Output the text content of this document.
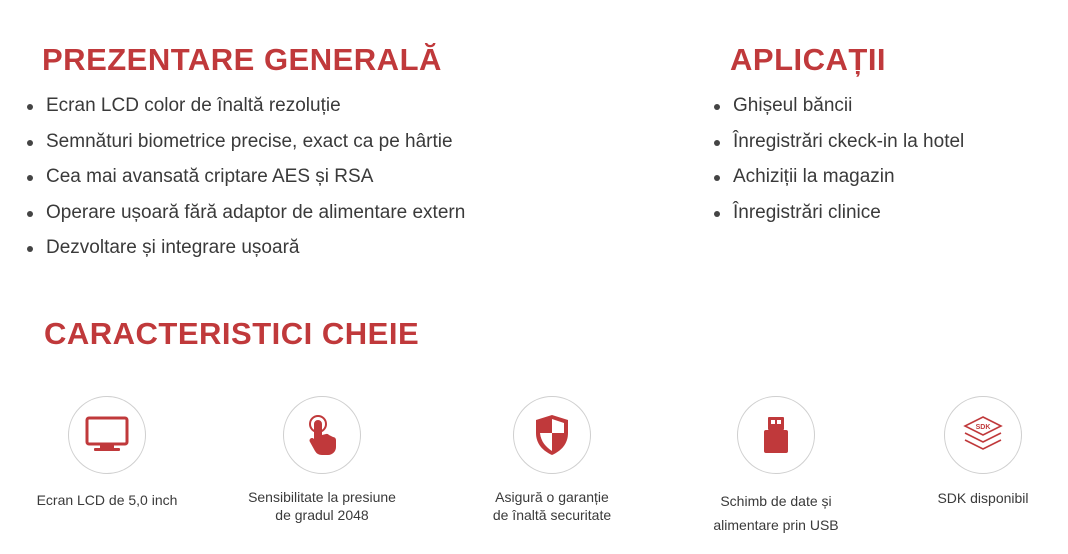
PREZENTARE GENERALĂ
Ecran LCD color de înaltă rezoluție
Semnături biometrice precise, exact ca pe hârtie
Cea mai avansată criptare AES și RSA
Operare ușoară fără adaptor de alimentare extern
Dezvoltare și integrare ușoară
APLICAȚII
Ghișeul băncii
Înregistrări ckeck-in la hotel
Achiziții la magazin
Înregistrări clinice
CARACTERISTICI CHEIE
Ecran LCD de 5,0 inch	Sensibilitate la presiune
de gradul 2048
Asigură o garanție
de înaltă securitate
Schimb de date și
alimentare prin USB
SDK
SDK disponibil
